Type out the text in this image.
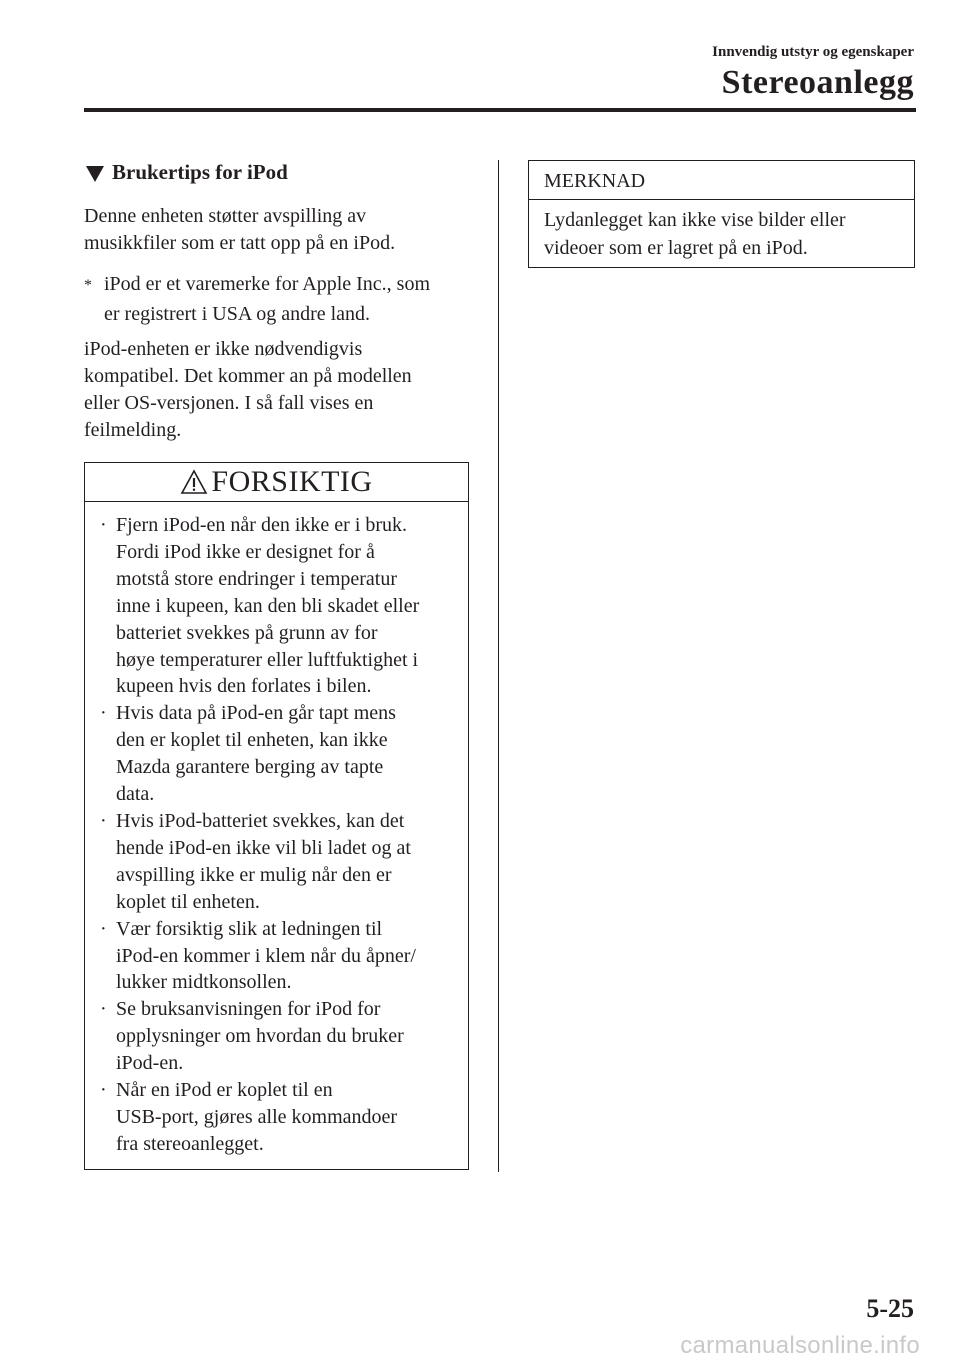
Innvendig utstyr og egenskaper
Stereoanlegg
Brukertips for iPod
Denne enheten støtter avspilling av
musikkfiler som er tatt opp på en iPod.
* iPod er et varemerke for Apple Inc., som
er registrert i USA og andre land.
iPod-enheten er ikke nødvendigvis
kompatibel. Det kommer an på modellen
eller OS-versjonen. I så fall vises en
feilmelding.
FORSIKTIG
· Fjern iPod-en når den ikke er i bruk.
Fordi iPod ikke er designet for å
motstå store endringer i temperatur
inne i kupeen, kan den bli skadet eller
batteriet svekkes på grunn av for
høye temperaturer eller luftfuktighet i
kupeen hvis den forlates i bilen.
· Hvis data på iPod-en går tapt mens
den er koplet til enheten, kan ikke
Mazda garantere berging av tapte
data.
· Hvis iPod-batteriet svekkes, kan det
hende iPod-en ikke vil bli ladet og at
avspilling ikke er mulig når den er
koplet til enheten.
· Vær forsiktig slik at ledningen til
iPod-en kommer i klem når du åpner/
lukker midtkonsollen.
· Se bruksanvisningen for iPod for
opplysninger om hvordan du bruker
iPod-en.
· Når en iPod er koplet til en
USB-port, gjøres alle kommandoer
fra stereoanlegget.
MERKNAD
Lydanlegget kan ikke vise bilder eller
videoer som er lagret på en iPod.
5-25
carmanualsonline.info
